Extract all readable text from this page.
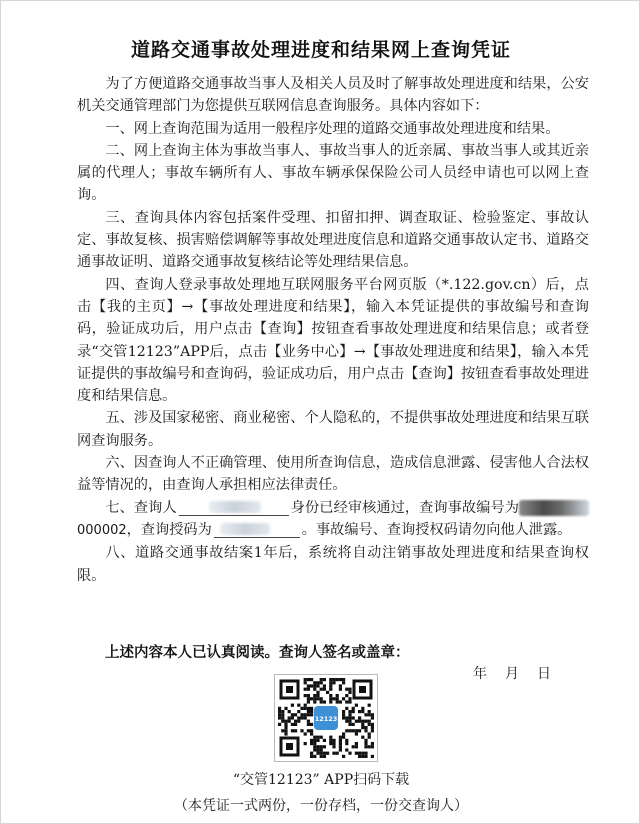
道路交通事故处理进度和结果网上查询凭证

为了方便道路交通事故当事人及相关人员及时了解事故处理进度和结果，公安机关交通管理部门为您提供互联网信息查询服务。具体内容如下：

一、网上查询范围为适用一般程序处理的道路交通事故处理进度和结果。

二、网上查询主体为事故当事人、事故当事人的近亲属、事故当事人或其近亲属的代理人；事故车辆所有人、事故车辆承保保险公司人员经申请也可以网上查询。

三、查询具体内容包括案件受理、扣留扣押、调查取证、检验鉴定、事故认定、事故复核、损害赔偿调解等事故处理进度信息和道路交通事故认定书、道路交通事故证明、道路交通事故复核结论等处理结果信息。

四、查询人登录事故处理地互联网服务平台网页版（*.122.gov.cn）后，点击【我的主页】→【事故处理进度和结果】，输入本凭证提供的事故编号和查询码，验证成功后，用户点击【查询】按钮查看事故处理进度和结果信息；或者登录“交管12123”APP后，点击【业务中心】→【事故处理进度和结果】，输入本凭证提供的事故编号和查询码，验证成功后，用户点击【查询】按钮查看事故处理进度和结果信息。

五、涉及国家秘密、商业秘密、个人隐私的，不提供事故处理进度和结果互联网查询服务。

六、因查询人不正确管理、使用所查询信息，造成信息泄露、侵害他人合法权益等情况的，由查询人承担相应法律责任。

七、查询人	身份已经审核通过，查询事故编号为000002，查询授码为	。事故编号、查询授权码请勿向他人泄露。

八、道路交通事故结案1年后，系统将自动注销事故处理进度和结果查询权限。

上述内容本人已认真阅读。查询人签名或盖章：
年 月 日
12123
“交管12123” APP扫码下载
（本凭证一式两份，一份存档，一份交查询人）
